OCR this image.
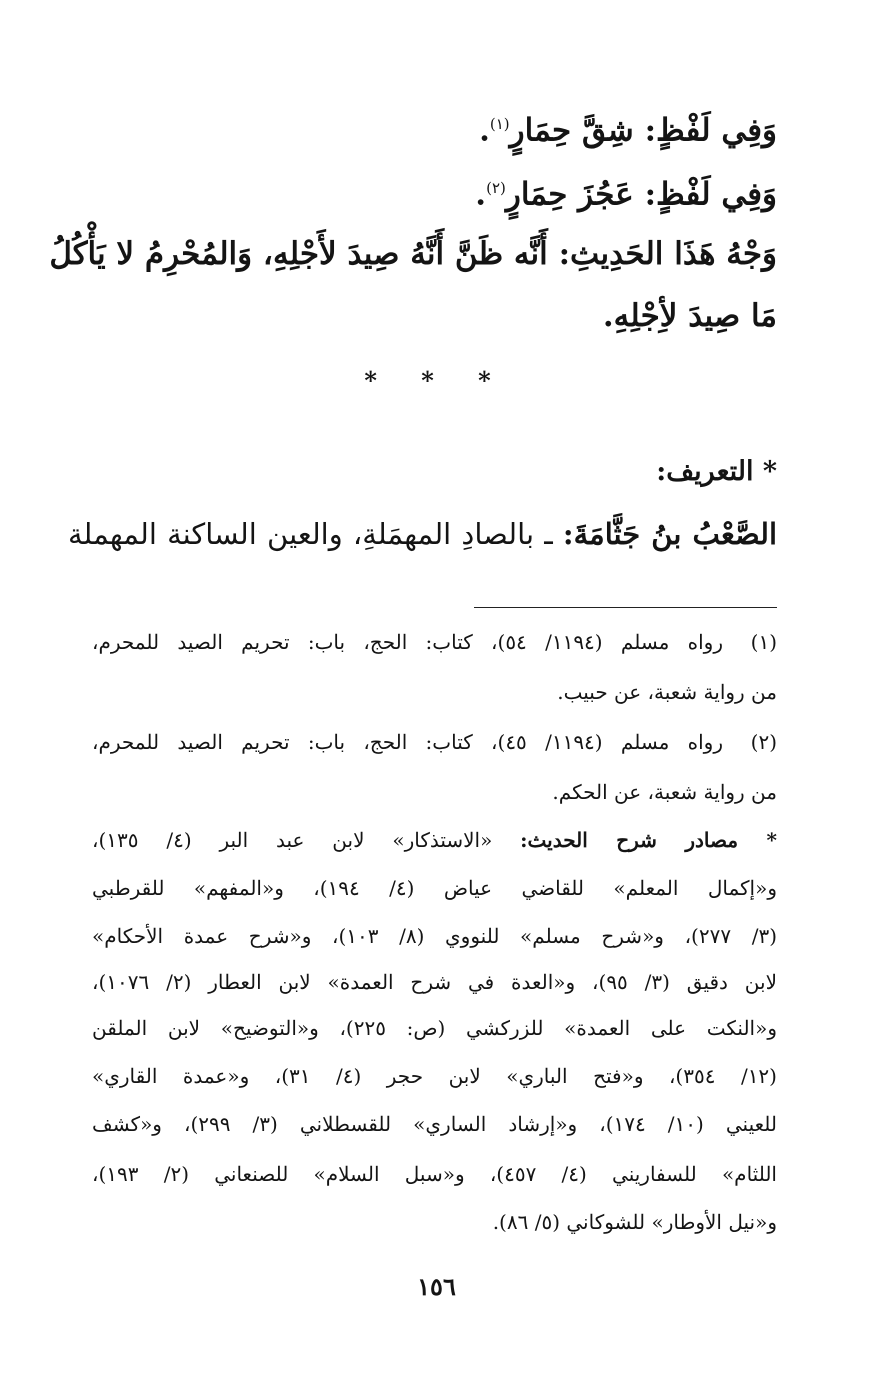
وَفِي لَفْظٍ: شِقَّ حِمَارٍ$^{(١)}$.
وَفِي لَفْظٍ: عَجُزَ حِمَارٍ$^{(٢)}$.
وَجْهُ هَذَا الحَدِيثِ: أَنَّه ظَنَّ أَنَّهُ صِيدَ لأَجْلِهِ، وَالمُحْرِمُ لا يَأْكُلُ
مَا صِيدَ لأِجْلِهِ.
* * *
* التعريف:
الصَّعْبُ بنُ جَثَّامَةَ: ـ بالصادِ المهمَلةِ، والعين الساكنة المهملة
(١)
رواه مسلم (١١٩٤/ ٥٤)، كتاب: الحج، باب: تحريم الصيد للمحرم،
من رواية شعبة، عن حبيب.
(٢)
رواه مسلم (١١٩٤/ ٤٥)، كتاب: الحج، باب: تحريم الصيد للمحرم،
من رواية شعبة، عن الحكم.
* مصادر شرح الحديث: «الاستذكار» لابن عبد البر (٤/ ١٣٥)،
و«إكمال المعلم» للقاضي عياض (٤/ ١٩٤)، و«المفهم» للقرطبي
(٣/ ٢٧٧)، و«شرح مسلم» للنووي (٨/ ١٠٣)، و«شرح عمدة الأحكام»
لابن دقيق (٣/ ٩٥)، و«العدة في شرح العمدة» لابن العطار (٢/ ١٠٧٦)،
و«النكت على العمدة» للزركشي (ص: ٢٢٥)، و«التوضيح» لابن الملقن
(١٢/ ٣٥٤)، و«فتح الباري» لابن حجر (٤/ ٣١)، و«عمدة القاري»
للعيني (١٠/ ١٧٤)، و«إرشاد الساري» للقسطلاني (٣/ ٢٩٩)، و«كشف
اللثام» للسفاريني (٤/ ٤٥٧)، و«سبل السلام» للصنعاني (٢/ ١٩٣)،
و«نيل الأوطار» للشوكاني (٥/ ٨٦).
١٥٦
